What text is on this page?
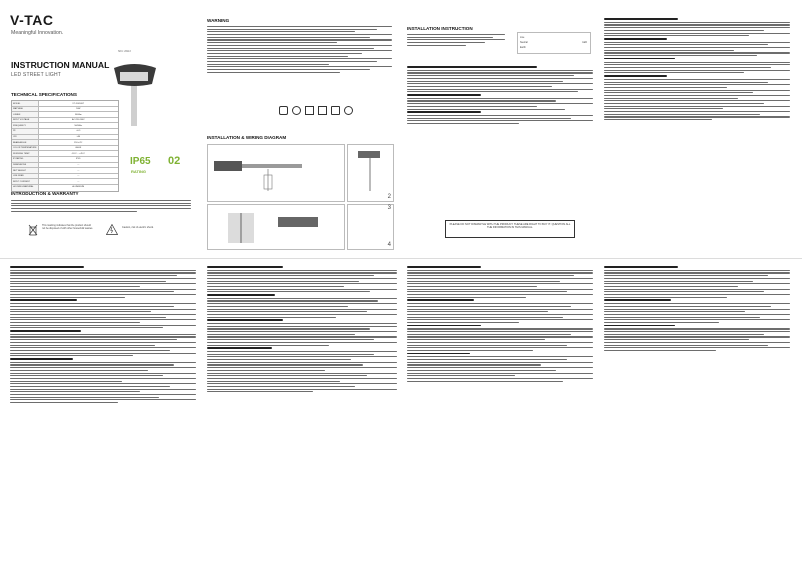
V-TAC
Meaningful Innovation.
SKU: 26113
INSTRUCTION MANUAL
LED STREET LIGHT
TECHNICAL SPECIFICATIONS
MODEL	VT-15050ST
WATTAGE	50W
LUMEN	5000lm
INPUT VOLTAGE	AC:220-240V
FREQUENCY	50/60Hz
PF	>0.9
CRI	>80
BEAM ANGLE	150°x70°
COLOR TEMPERATURE	4000K
WORKING TEMP	-20°C ~ +45°C
IP RATING	IP65
DIMENSIONS	—
NET WEIGHT	—
LIFE SPAN	—
INPUT CURRENT	—
HOUSING MATERIAL	ALUMINIUM
IP65
RATING
02
INTRODUCTION & WARRANTY
This marking indicates that the product should not be disposed of with other household wastes.	Caution, risk of electric shock.
WARNING
INSTALLATION & WIRING DIAGRAM
2
3
4
INSTALLATION INSTRUCTION
Live
Neutral
Earth
LED
PLEASE DO NOT DISMANTLE WITH THE PRODUCT. THESE ARE RIGHT TO BUY IT. QUESTION ALL THE INFORMATION IN THIS MANUAL.
